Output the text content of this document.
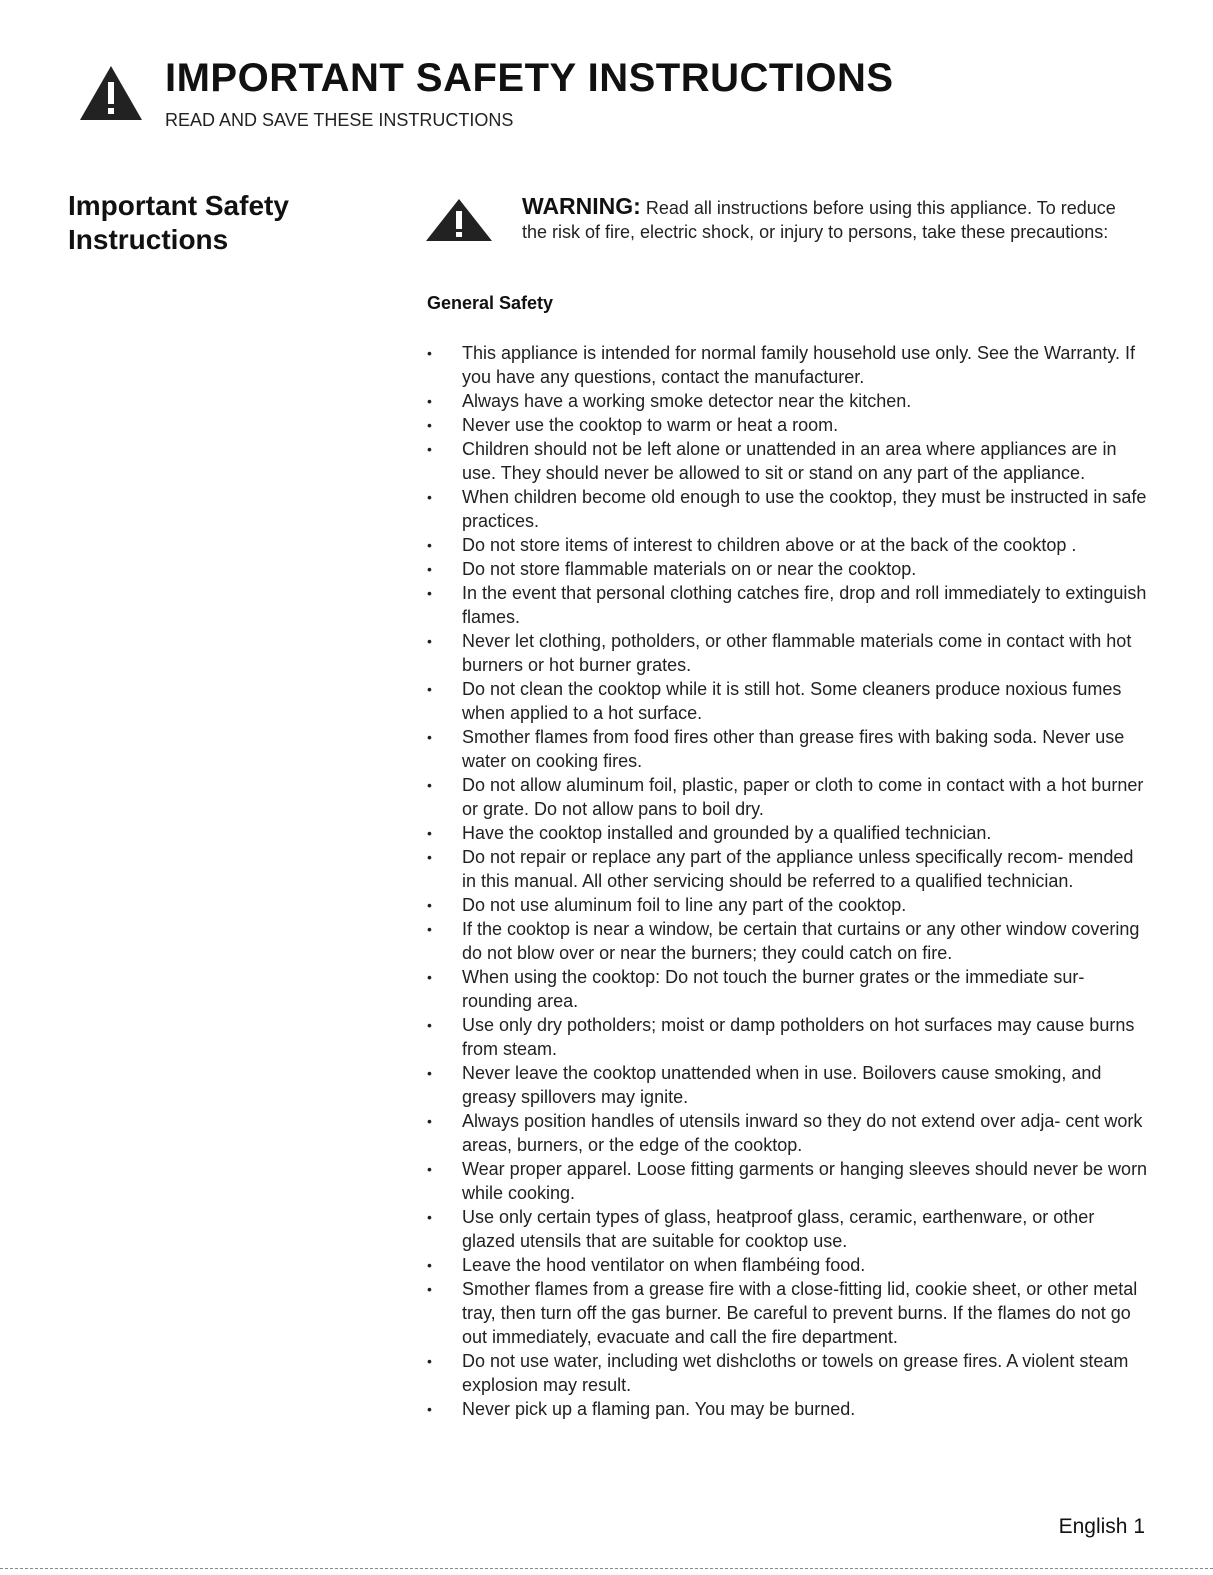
IMPORTANT SAFETY INSTRUCTIONS
READ AND SAVE THESE INSTRUCTIONS
Important Safety
Instructions
WARNING: Read all instructions before using this appliance. To reduce the risk of fire, electric shock, or injury to persons, take these precautions:
General Safety
• This appliance is intended for normal family household use only. See the Warranty. If you have any questions, contact the manufacturer.
• Always have a working smoke detector near the kitchen.
• Never use the cooktop to warm or heat a room.
• Children should not be left alone or unattended in an area where appliances are in use. They should never be allowed to sit or stand on any part of the appliance.
• When children become old enough to use the cooktop, they must be instructed in safe practices.
• Do not store items of interest to children above or at the back of the cooktop .
• Do not store flammable materials on or near the cooktop.
• In the event that personal clothing catches fire, drop and roll immediately to extinguish flames.
• Never let clothing, potholders, or other flammable materials come in contact with hot burners or hot burner grates.
• Do not clean the cooktop while it is still hot. Some cleaners produce noxious fumes when applied to a hot surface.
• Smother flames from food fires other than grease fires with baking soda. Never use water on cooking fires.
• Do not allow aluminum foil, plastic, paper or cloth to come in contact with a hot burner or grate. Do not allow pans to boil dry.
• Have the cooktop installed and grounded by a qualified technician.
• Do not repair or replace any part of the appliance unless specifically recom- mended in this manual. All other servicing should be referred to a qualified technician.
• Do not use aluminum foil to line any part of the cooktop.
• If the cooktop is near a window, be certain that curtains or any other window covering do not blow over or near the burners; they could catch on fire.
• When using the cooktop: Do not touch the burner grates or the immediate sur- rounding area.
• Use only dry potholders; moist or damp potholders on hot surfaces may cause burns from steam.
• Never leave the cooktop unattended when in use. Boilovers cause smoking, and greasy spillovers may ignite.
• Always position handles of utensils inward so they do not extend over adja- cent work areas, burners, or the edge of the cooktop.
• Wear proper apparel. Loose fitting garments or hanging sleeves should never be worn while cooking.
• Use only certain types of glass, heatproof glass, ceramic, earthenware, or other glazed utensils that are suitable for cooktop use.
• Leave the hood ventilator on when flambéing food.
• Smother flames from a grease fire with a close-fitting lid, cookie sheet, or other metal tray, then turn off the gas burner. Be careful to prevent burns. If the flames do not go out immediately, evacuate and call the fire department.
• Do not use water, including wet dishcloths or towels on grease fires. A violent steam explosion may result.
• Never pick up a flaming pan. You may be burned.
English 1
